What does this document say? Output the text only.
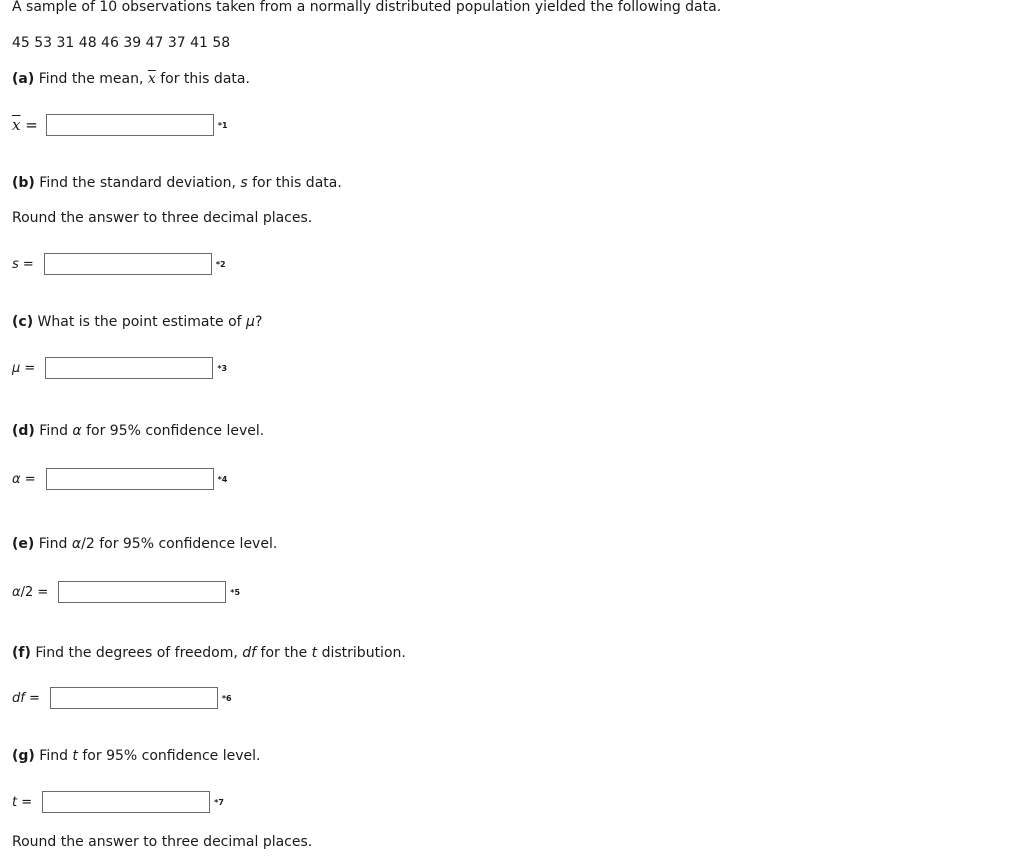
A sample of 10 observations taken from a normally distributed population yielded the following data.
45 53 31 48 46 39 47 37 41 58
(a) Find the mean, $\overline{x}$ for this data.
$\overline{x}$ =	*1
(b) Find the standard deviation, s for this data.
Round the answer to three decimal places.
s =	*2
(c) What is the point estimate of μ?
μ =	*3
(d) Find α for 95% confidence level.
α =	*4
(e) Find α/2 for 95% confidence level.
α/2 =	*5
(f) Find the degrees of freedom, df for the t distribution.
df =	*6
(g) Find t for 95% confidence level.
t =	*7
Round the answer to three decimal places.
